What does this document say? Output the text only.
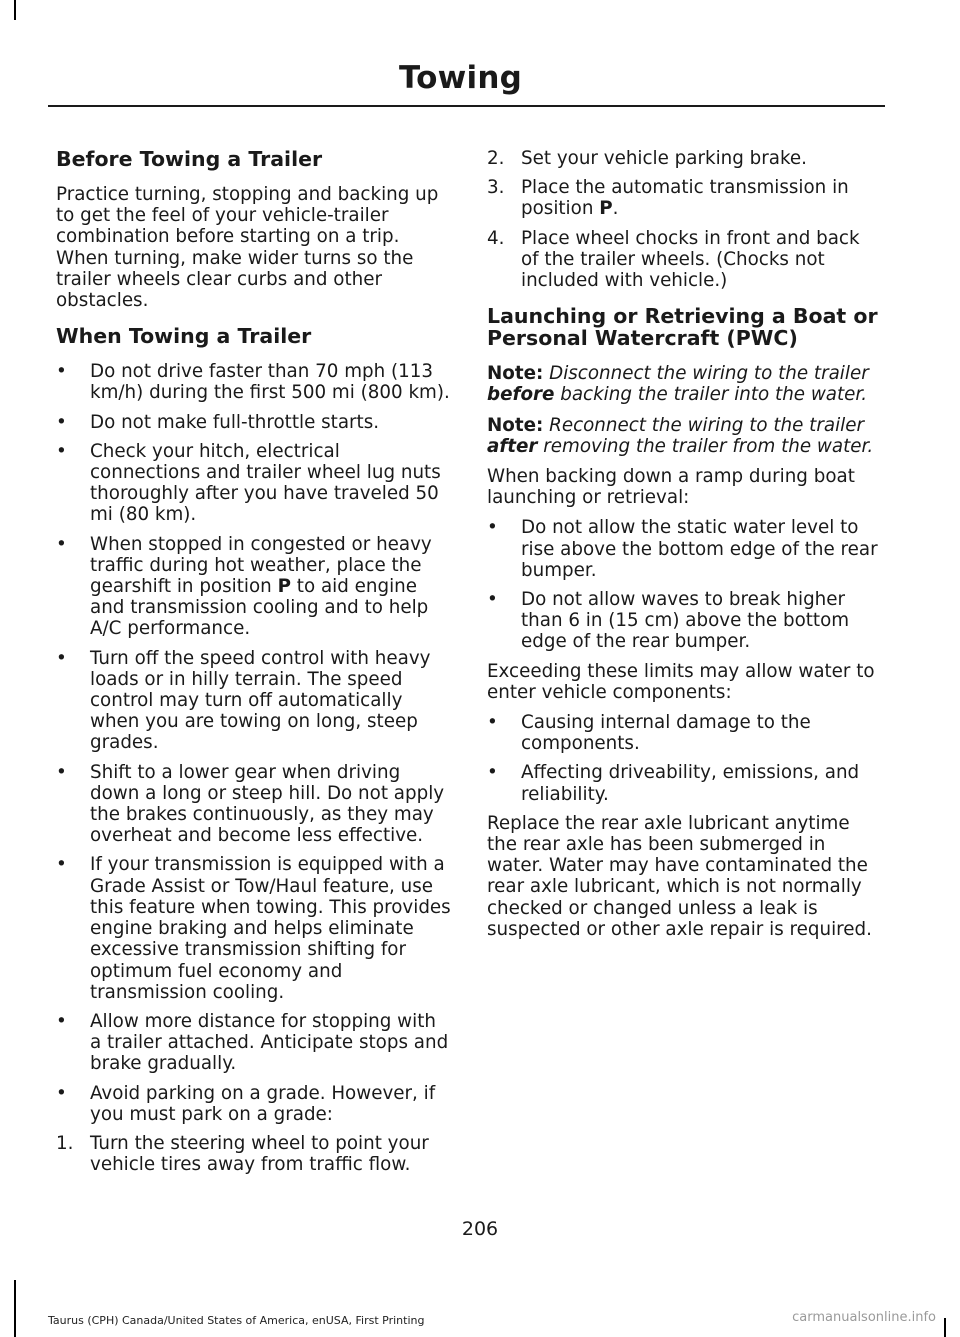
Towing
Before Towing a Trailer

Practice turning, stopping and backing up to get the feel of your vehicle-trailer combination before starting on a trip. When turning, make wider turns so the trailer wheels clear curbs and other obstacles.

When Towing a Trailer
• Do not drive faster than 70 mph (113 km/h) during the first 500 mi (800 km).
• Do not make full-throttle starts.
• Check your hitch, electrical connections and trailer wheel lug nuts thoroughly after you have traveled 50 mi (80 km).
• When stopped in congested or heavy traffic during hot weather, place the gearshift in position P to aid engine and transmission cooling and to help A/C performance.
• Turn off the speed control with heavy loads or in hilly terrain. The speed control may turn off automatically when you are towing on long, steep grades.
• Shift to a lower gear when driving down a long or steep hill. Do not apply the brakes continuously, as they may overheat and become less effective.
• If your transmission is equipped with a Grade Assist or Tow/Haul feature, use this feature when towing. This provides engine braking and helps eliminate excessive transmission shifting for optimum fuel economy and transmission cooling.
• Allow more distance for stopping with a trailer attached. Anticipate stops and brake gradually.
• Avoid parking on a grade. However, if you must park on a grade:
1. Turn the steering wheel to point your vehicle tires away from traffic flow.
2. Set your vehicle parking brake.
3. Place the automatic transmission in position P.
4. Place wheel chocks in front and back of the trailer wheels. (Chocks not included with vehicle.)
Launching or Retrieving a Boat or Personal Watercraft (PWC)

Note: Disconnect the wiring to the trailer before backing the trailer into the water.

Note: Reconnect the wiring to the trailer after removing the trailer from the water.

When backing down a ramp during boat launching or retrieval:

• Do not allow the static water level to rise above the bottom edge of the rear bumper.
• Do not allow waves to break higher than 6 in (15 cm) above the bottom edge of the rear bumper.

Exceeding these limits may allow water to enter vehicle components:

• Causing internal damage to the components.
• Affecting driveability, emissions, and reliability.

Replace the rear axle lubricant anytime the rear axle has been submerged in water. Water may have contaminated the rear axle lubricant, which is not normally checked or changed unless a leak is suspected or other axle repair is required.

206
Taurus (CPH) Canada/United States of America, enUSA, First Printing	carmanualsonline.info
